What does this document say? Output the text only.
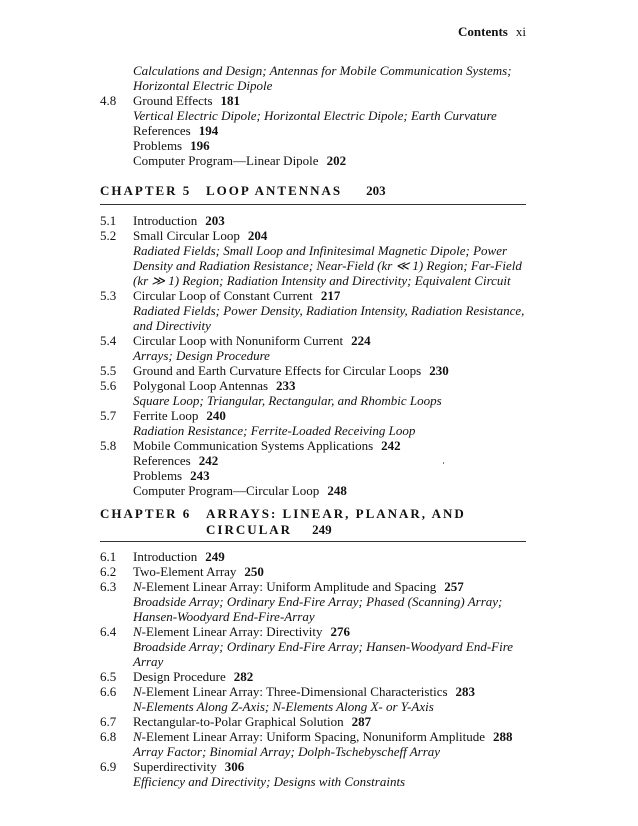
Contents xi
Calculations and Design; Antennas for Mobile Communication Systems;
Horizontal Electric Dipole
4.8 Ground Effects 181
Vertical Electric Dipole; Horizontal Electric Dipole; Earth Curvature
References 194
Problems 196
Computer Program—Linear Dipole 202
CHAPTER 5 LOOP ANTENNAS 203
5.1 Introduction 203
5.2 Small Circular Loop 204
Radiated Fields; Small Loop and Infinitesimal Magnetic Dipole; Power
Density and Radiation Resistance; Near-Field (kr ≪ 1) Region; Far-Field
(kr ≫ 1) Region; Radiation Intensity and Directivity; Equivalent Circuit
5.3 Circular Loop of Constant Current 217
Radiated Fields; Power Density, Radiation Intensity, Radiation Resistance,
and Directivity
5.4 Circular Loop with Nonuniform Current 224
Arrays; Design Procedure
5.5 Ground and Earth Curvature Effects for Circular Loops 230
5.6 Polygonal Loop Antennas 233
Square Loop; Triangular, Rectangular, and Rhombic Loops
5.7 Ferrite Loop 240
Radiation Resistance; Ferrite-Loaded Receiving Loop
5.8 Mobile Communication Systems Applications 242
References 242
Problems 243
Computer Program—Circular Loop 248
CHAPTER 6 ARRAYS: LINEAR, PLANAR, AND
CIRCULAR 249
6.1 Introduction 249
6.2 Two-Element Array 250
6.3 N-Element Linear Array: Uniform Amplitude and Spacing 257
Broadside Array; Ordinary End-Fire Array; Phased (Scanning) Array;
Hansen-Woodyard End-Fire-Array
6.4 N-Element Linear Array: Directivity 276
Broadside Array; Ordinary End-Fire Array; Hansen-Woodyard End-Fire
Array
6.5 Design Procedure 282
6.6 N-Element Linear Array: Three-Dimensional Characteristics 283
N-Elements Along Z-Axis; N-Elements Along X- or Y-Axis
6.7 Rectangular-to-Polar Graphical Solution 287
6.8 N-Element Linear Array: Uniform Spacing, Nonuniform Amplitude 288
Array Factor; Binomial Array; Dolph-Tschebyscheff Array
6.9 Superdirectivity 306
Efficiency and Directivity; Designs with Constraints
